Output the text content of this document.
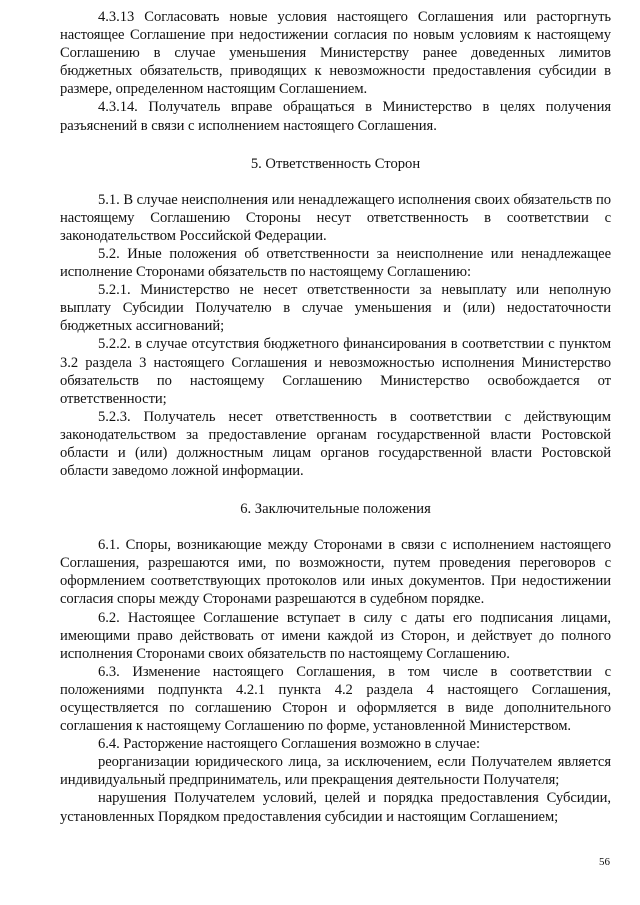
4.3.13 Согласовать новые условия настоящего Соглашения или расторгнуть настоящее Соглашение при недостижении согласия по новым условиям к настоящему Соглашению в случае уменьшения Министерству ранее доведенных лимитов бюджетных обязательств, приводящих к невозможности предоставления субсидии в размере, определенном настоящим Соглашением.

4.3.14. Получатель вправе обращаться в Министерство в целях получения разъяснений в связи с исполнением настоящего Соглашения.

5. Ответственность Сторон

5.1. В случае неисполнения или ненадлежащего исполнения своих обязательств по настоящему Соглашению Стороны несут ответственность в соответствии с законодательством Российской Федерации.

5.2. Иные положения об ответственности за неисполнение или ненадлежащее исполнение Сторонами обязательств по настоящему Соглашению:

5.2.1. Министерство не несет ответственности за невыплату или неполную выплату Субсидии Получателю в случае уменьшения и (или) недостаточности бюджетных ассигнований;

5.2.2. в случае отсутствия бюджетного финансирования в соответствии с пунктом 3.2 раздела 3 настоящего Соглашения и невозможностью исполнения Министерство обязательств по настоящему Соглашению Министерство освобождается от ответственности;

5.2.3. Получатель несет ответственность в соответствии с действующим законодательством за предоставление органам государственной власти Ростовской области и (или) должностным лицам органов государственной власти Ростовской области заведомо ложной информации.

6. Заключительные положения

6.1. Споры, возникающие между Сторонами в связи с исполнением настоящего Соглашения, разрешаются ими, по возможности, путем проведения переговоров с оформлением соответствующих протоколов или иных документов. При недостижении согласия споры между Сторонами разрешаются в судебном порядке.

6.2. Настоящее Соглашение вступает в силу с даты его подписания лицами, имеющими право действовать от имени каждой из Сторон, и действует до полного исполнения Сторонами своих обязательств по настоящему Соглашению.

6.3. Изменение настоящего Соглашения, в том числе в соответствии с положениями подпункта 4.2.1 пункта 4.2 раздела 4 настоящего Соглашения, осуществляется по соглашению Сторон и оформляется в виде дополнительного соглашения к настоящему Соглашению по форме, установленной Министерством.

6.4. Расторжение настоящего Соглашения возможно в случае:

реорганизации юридического лица, за исключением, если Получателем является индивидуальный предприниматель, или прекращения деятельности Получателя;

нарушения Получателем условий, целей и порядка предоставления Субсидии, установленных Порядком предоставления субсидии и настоящим Соглашением;

56
